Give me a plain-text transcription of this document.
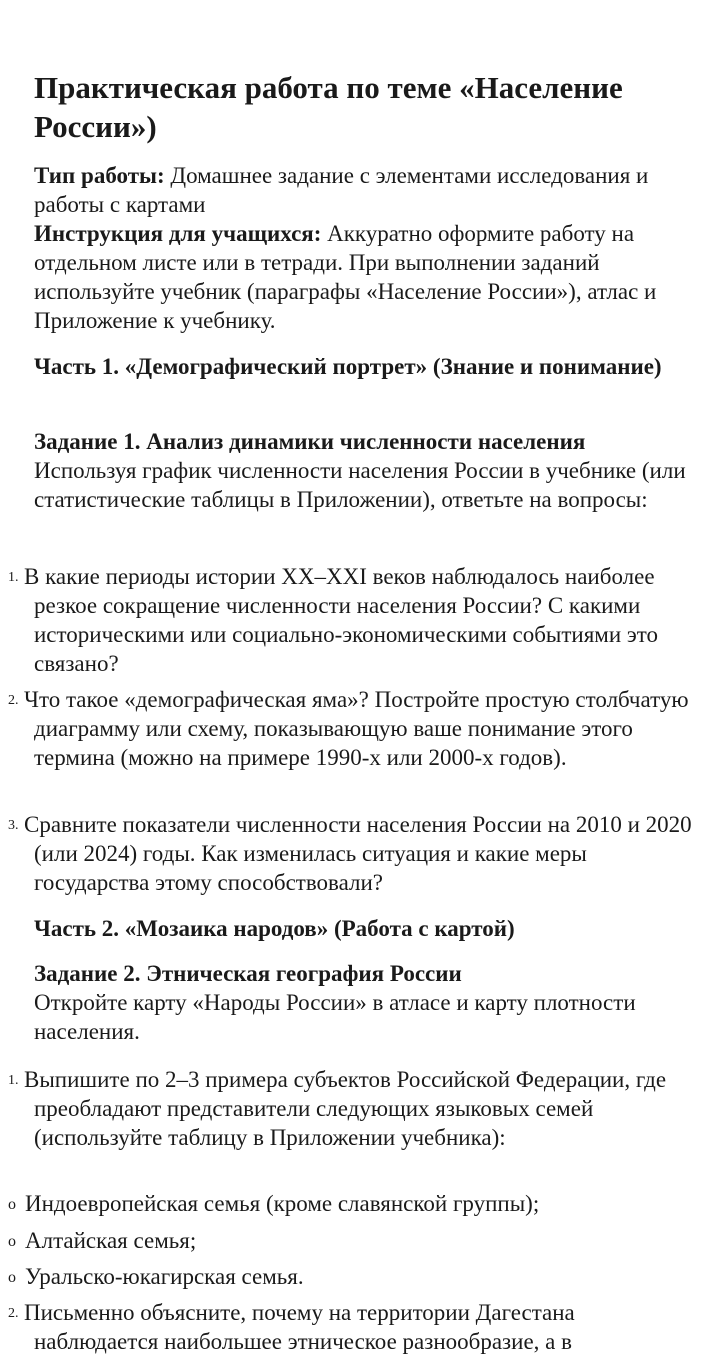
Практическая работа по теме «Население России»)
Тип работы: Домашнее задание с элементами исследования и работы с картами
Инструкция для учащихся: Аккуратно оформите работу на отдельном листе или в тетради. При выполнении заданий используйте учебник (параграфы «Население России»), атлас и Приложение к учебнику.
Часть 1. «Демографический портрет» (Знание и понимание)
Задание 1. Анализ динамики численности населения
Используя график численности населения России в учебнике (или статистические таблицы в Приложении), ответьте на вопросы:
1. В какие периоды истории XX–XXI веков наблюдалось наиболее резкое сокращение численности населения России? С какими историческими или социально-экономическими событиями это связано?
2. Что такое «демографическая яма»? Постройте простую столбчатую диаграмму или схему, показывающую ваше понимание этого термина (можно на примере 1990-х или 2000-х годов).
3. Сравните показатели численности населения России на 2010 и 2020 (или 2024) годы. Как изменилась ситуация и какие меры государства этому способствовали?
Часть 2. «Мозаика народов» (Работа с картой)
Задание 2. Этническая география России
Откройте карту «Народы России» в атласе и карту плотности населения.
1. Выпишите по 2–3 примера субъектов Российской Федерации, где преобладают представители следующих языковых семей (используйте таблицу в Приложении учебника):
o Индоевропейская семья (кроме славянской группы);
o Алтайская семья;
o Уральско-юкагирская семья.
2. Письменно объясните, почему на территории Дагестана наблюдается наибольшее этническое разнообразие, а в
